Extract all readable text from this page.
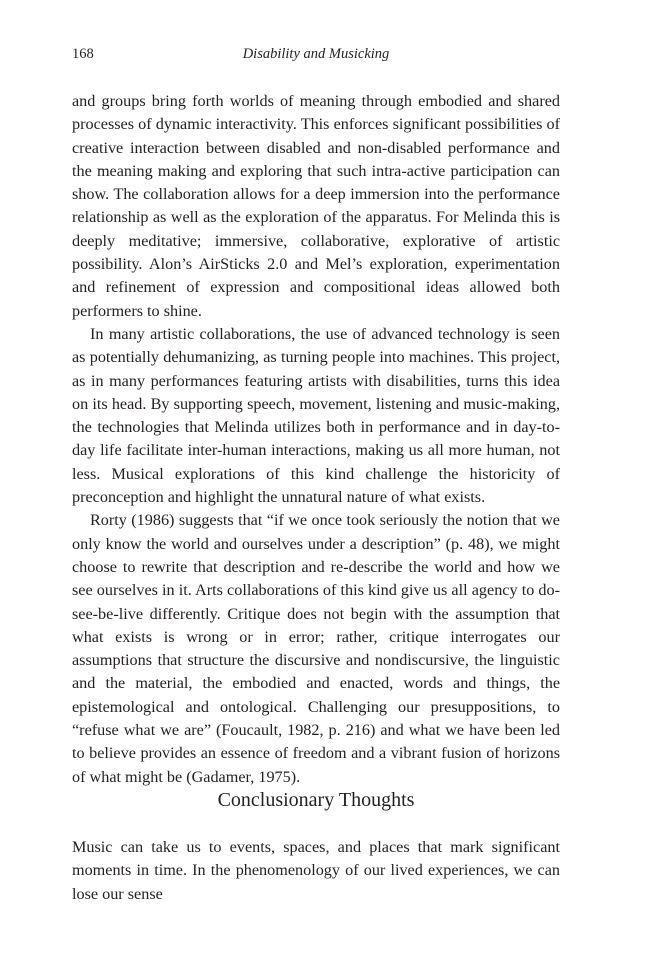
168	Disability and Musicking

and groups bring forth worlds of meaning through embodied and shared processes of dynamic interactivity. This enforces significant possibilities of creative interaction between disabled and non-disabled performance and the meaning making and exploring that such intra-active participation can show. The collaboration allows for a deep immersion into the performance relationship as well as the exploration of the apparatus. For Melinda this is deeply meditative; immersive, collaborative, explorative of artistic possibility. Alon’s AirSticks 2.0 and Mel’s exploration, experimentation and refinement of expression and compositional ideas allowed both performers to shine.

In many artistic collaborations, the use of advanced technology is seen as potentially dehumanizing, as turning people into machines. This project, as in many performances featuring artists with disabilities, turns this idea on its head. By supporting speech, movement, listening and music-making, the technologies that Melinda utilizes both in performance and in day-to-day life facilitate inter-human interactions, making us all more human, not less. Musical explorations of this kind challenge the historicity of preconception and highlight the unnatural nature of what exists.

Rorty (1986) suggests that “if we once took seriously the notion that we only know the world and ourselves under a description” (p. 48), we might choose to rewrite that description and re-describe the world and how we see ourselves in it. Arts collaborations of this kind give us all agency to do-see-be-live differently. Critique does not begin with the assumption that what exists is wrong or in error; rather, critique interrogates our assumptions that structure the discursive and nondiscursive, the linguistic and the material, the embodied and enacted, words and things, the epistemological and ontological. Challenging our presuppositions, to “refuse what we are” (Foucault, 1982, p. 216) and what we have been led to believe provides an essence of freedom and a vibrant fusion of horizons of what might be (Gadamer, 1975).

Conclusionary Thoughts

Music can take us to events, spaces, and places that mark significant moments in time. In the phenomenology of our lived experiences, we can lose our sense
